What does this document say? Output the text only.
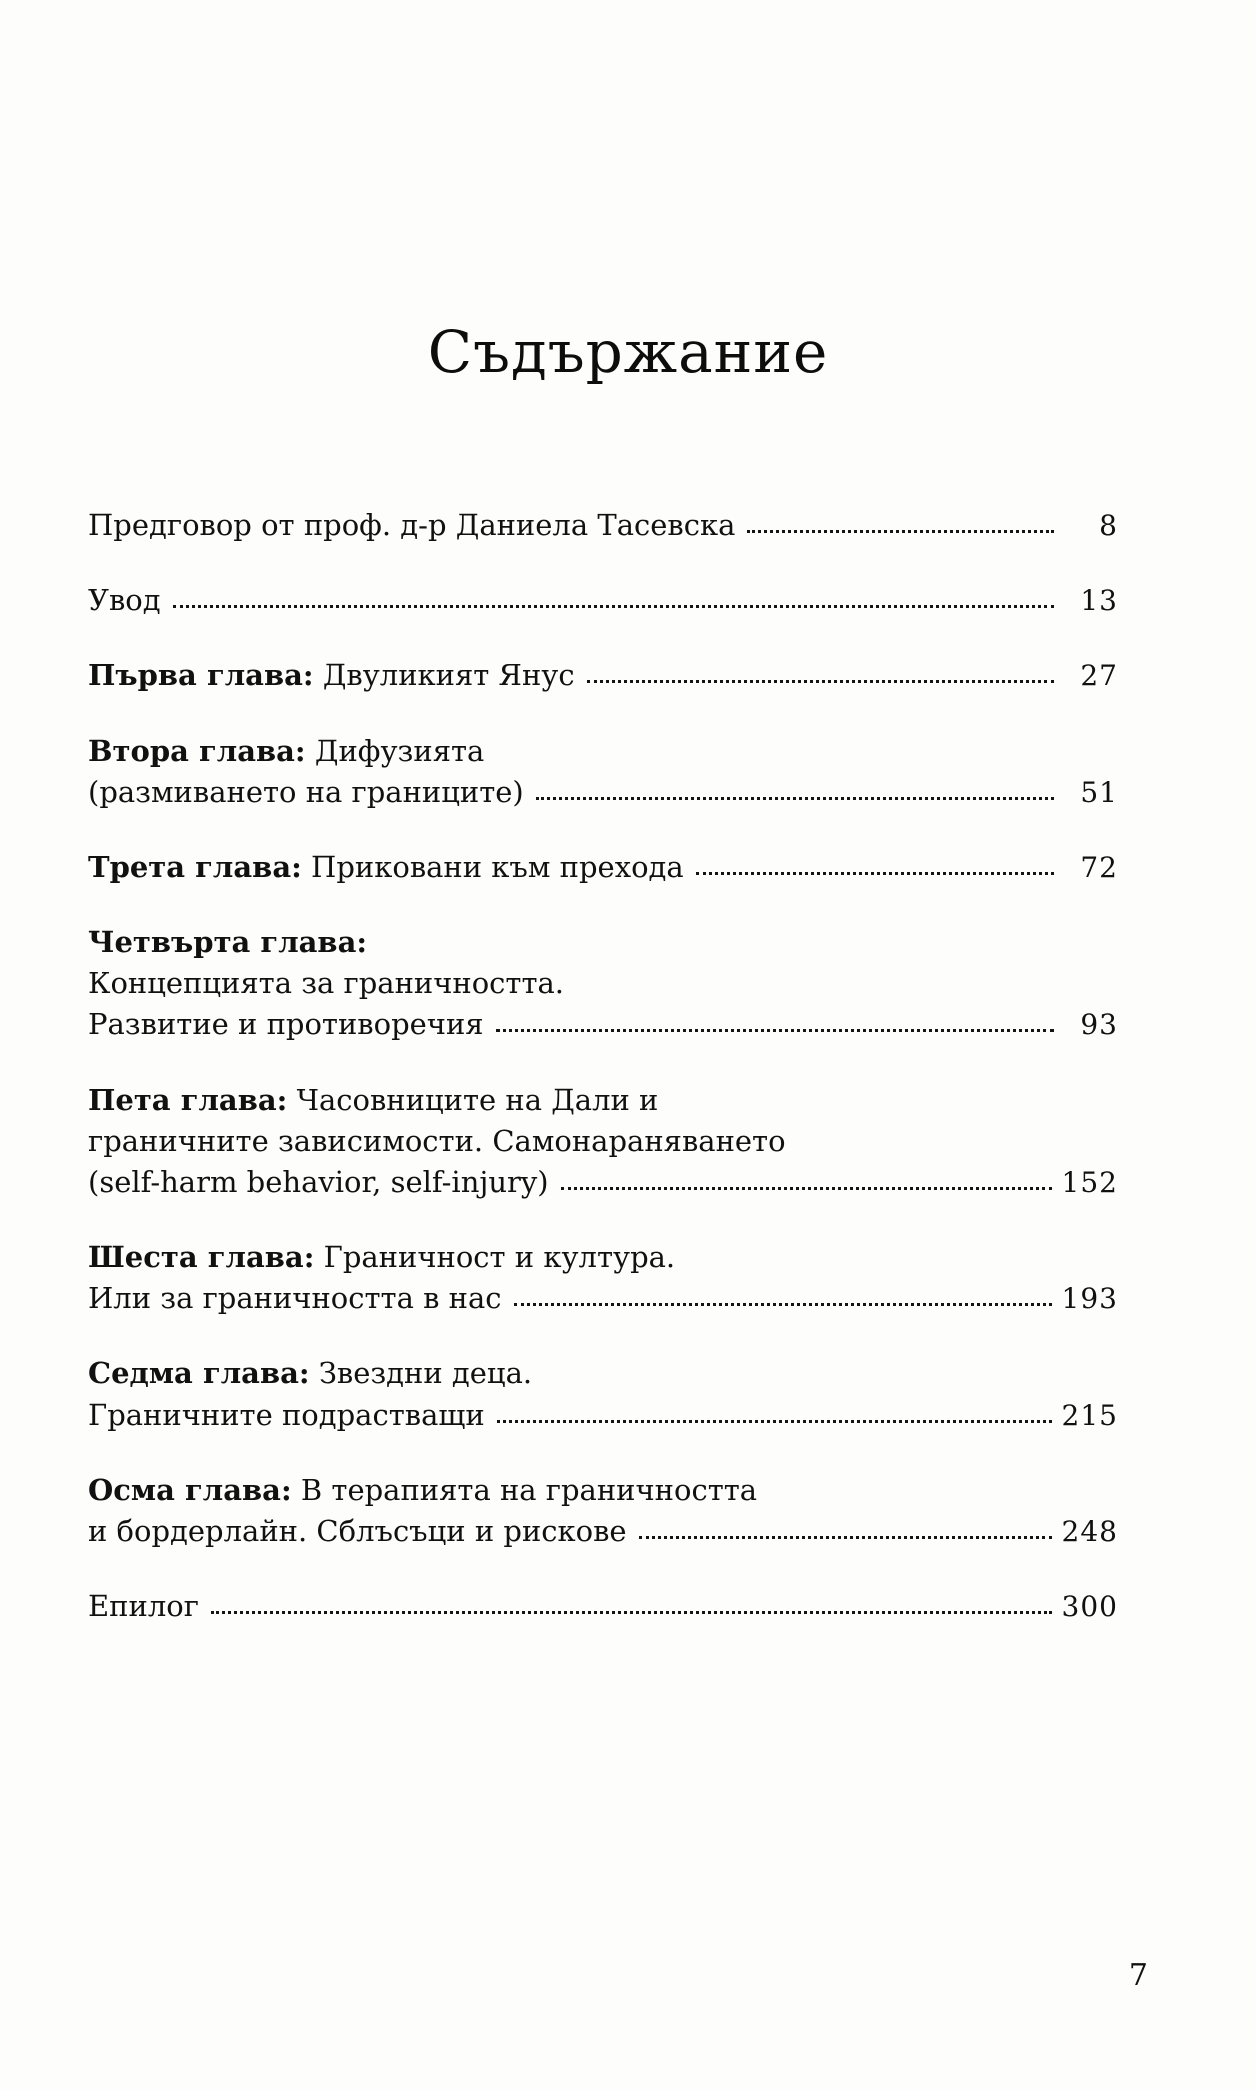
Съдържание
Предговор от проф. д-р Даниела Тасевска	8
Увод	13
Първа глава: Двуликият Янус	27
Втора глава: Дифузията
(размиването на границите)	51
Трета глава: Приковани към прехода	72
Четвърта глава:
Концепцията за граничността.
Развитие и противоречия	93
Пета глава: Часовниците на Дали и
граничните зависимости. Самонараняването
(self-harm behavior, self-injury)	152
Шеста глава: Граничност и култура.
Или за граничността в нас	193
Седма глава: Звездни деца.
Граничните подрастващи	215
Осма глава: В терапията на граничността
и бордерлайн. Сблъсъци и рискове	248
Епилог	300
7
